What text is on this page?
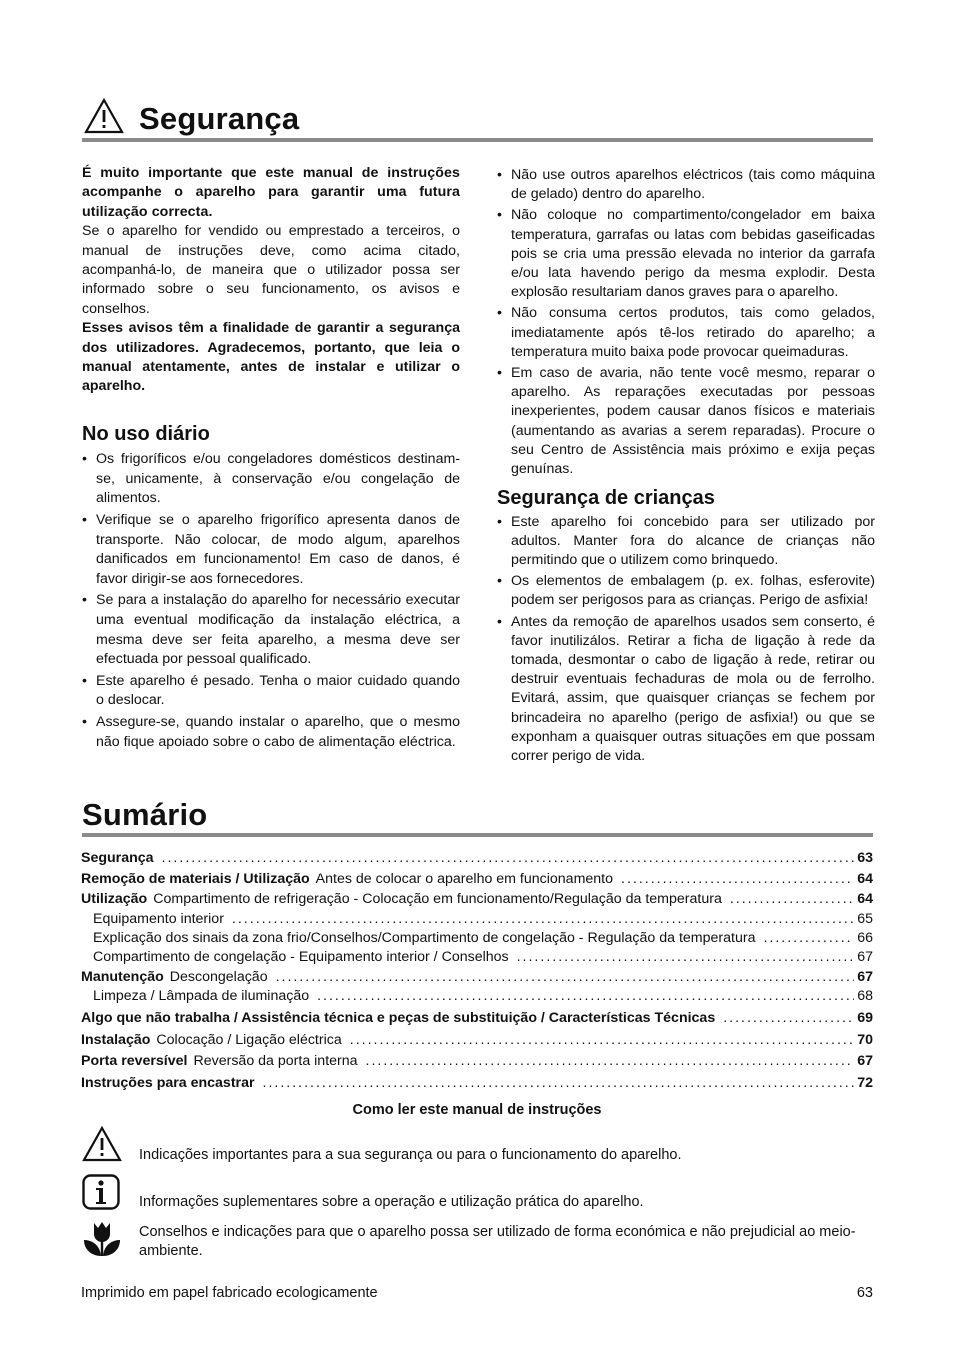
Segurança

É muito importante que este manual de instruções acompanhe o aparelho para garantir uma futura utilização correcta.

Se o aparelho for vendido ou emprestado a terceiros, o manual de instruções deve, como acima citado, acompanhá-lo, de maneira que o utilizador possa ser informado sobre o seu funcionamento, os avisos e conselhos.

Esses avisos têm a finalidade de garantir a segurança dos utilizadores. Agradecemos, portanto, que leia o manual atentamente, antes de instalar e utilizar o aparelho.

No uso diário
• Os frigoríficos e/ou congeladores domésticos destinam-se, unicamente, à conservação e/ou congelação de alimentos.
• Verifique se o aparelho frigorífico apresenta danos de transporte. Não colocar, de modo algum, aparelhos danificados em funcionamento! Em caso de danos, é favor dirigir-se aos fornecedores.
• Se para a instalação do aparelho for necessário executar uma eventual modificação da instalação eléctrica, a mesma deve ser feita aparelho, a mesma deve ser efectuada por pessoal qualificado.
• Este aparelho é pesado. Tenha o maior cuidado quando o deslocar.
• Assegure-se, quando instalar o aparelho, que o mesmo não fique apoiado sobre o cabo de alimentação eléctrica.
• Não use outros aparelhos eléctricos (tais como máquina de gelado) dentro do aparelho.
• Não coloque no compartimento/congelador em baixa temperatura, garrafas ou latas com bebidas gaseificadas pois se cria uma pressão elevada no interior da garrafa e/ou lata havendo perigo da mesma explodir. Desta explosão resultariam danos graves para o aparelho.
• Não consuma certos produtos, tais como gelados, imediatamente após tê-los retirado do aparelho; a temperatura muito baixa pode provocar queimaduras.
• Em caso de avaria, não tente você mesmo, reparar o aparelho. As reparações executadas por pessoas inexperientes, podem causar danos físicos e materiais (aumentando as avarias a serem reparadas). Procure o seu Centro de Assistência mais próximo e exija peças genuínas.
Segurança de crianças
• Este aparelho foi concebido para ser utilizado por adultos. Manter fora do alcance de crianças não permitindo que o utilizem como brinquedo.
• Os elementos de embalagem (p. ex. folhas, esferovite) podem ser perigosos para as crianças. Perigo de asfixia!
• Antes da remoção de aparelhos usados sem conserto, é favor inutilizálos. Retirar a ficha de ligação à rede da tomada, desmontar o cabo de ligação à rede, retirar ou destruir eventuais fechaduras de mola ou de ferrolho. Evitará, assim, que quaisquer crianças se fechem por brincadeira no aparelho (perigo de asfixia!) ou que se exponham a quaisquer outras situações em que possam correr perigo de vida.
Sumário
Segurança .....	63
Remoção de materiais / Utilização Antes de colocar o aparelho em funcionamento .....	64
Utilização Compartimento de refrigeração - Colocação em funcionamento/Regulação da temperatura .....	64
Equipamento interior .....	65
Explicação dos sinais da zona frio/Conselhos/Compartimento de congelação - Regulação da temperatura .....	66
Compartimento de congelação - Equipamento interior / Conselhos .....	67
Manutenção Descongelação .....	67
Limpeza / Lâmpada de iluminação .....	68
Algo que não trabalha / Assistência técnica e peças de substituição / Características Técnicas .....	69
Instalação Colocação / Ligação eléctrica .....	70
Porta reversível Reversão da porta interna .....	67
Instruções para encastrar .....	72
Como ler este manual de instruções
Indicações importantes para a sua segurança ou para o funcionamento do aparelho.
Informações suplementares sobre a operação e utilização prática do aparelho.
Conselhos e indicações para que o aparelho possa ser utilizado de forma económica e não prejudicial ao meio-ambiente.
Imprimido em papel fabricado ecologicamente	63
